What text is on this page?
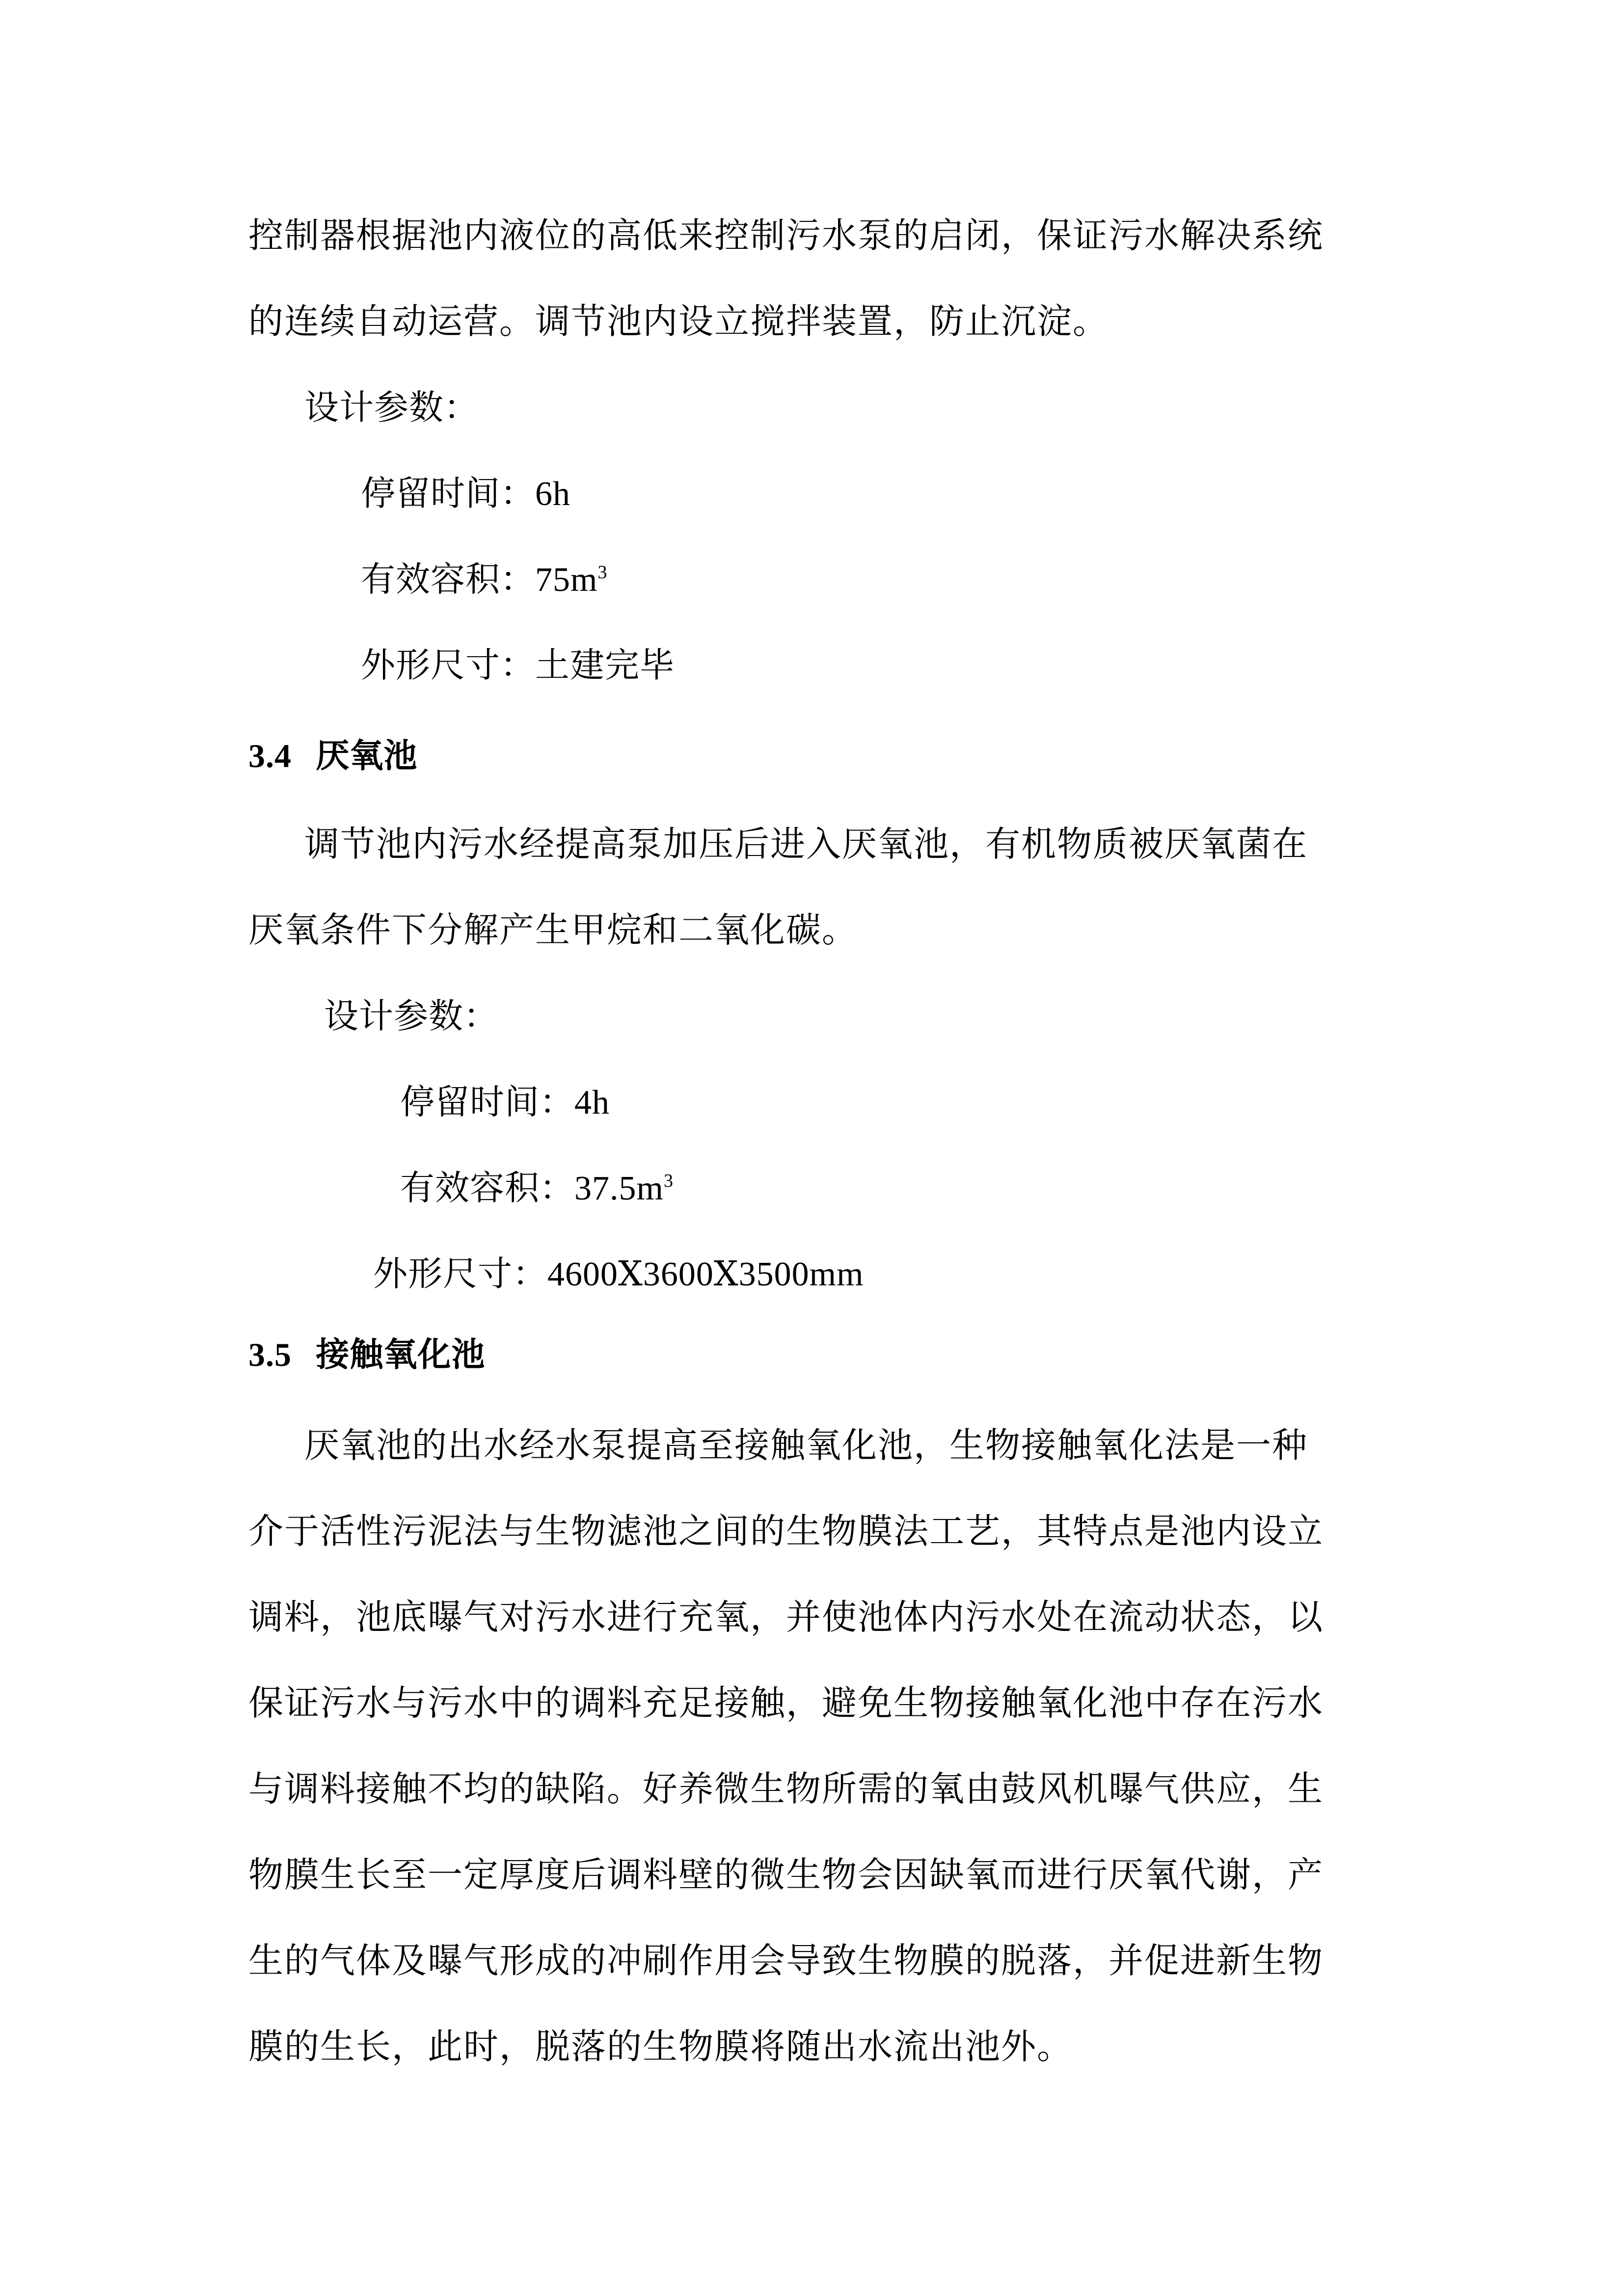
控制器根据池内液位的高低来控制污水泵的启闭，保证污水解决系统
的连续自动运营。调节池内设立搅拌装置，防止沉淀。
设计参数：
停留时间：6h
有效容积：$75m^3$
外形尺寸：土建完毕
3.4 厌氧池
调节池内污水经提高泵加压后进入厌氧池，有机物质被厌氧菌在
厌氧条件下分解产生甲烷和二氧化碳。
设计参数：
停留时间：4h
有效容积：$37.5m^3$
外形尺寸：4600Ⅹ3600Ⅹ3500mm
3.5 接触氧化池
厌氧池的出水经水泵提高至接触氧化池，生物接触氧化法是一种
介于活性污泥法与生物滤池之间的生物膜法工艺，其特点是池内设立
调料，池底曝气对污水进行充氧，并使池体内污水处在流动状态，以
保证污水与污水中的调料充足接触，避免生物接触氧化池中存在污水
与调料接触不均的缺陷。好养微生物所需的氧由鼓风机曝气供应，生
物膜生长至一定厚度后调料壁的微生物会因缺氧而进行厌氧代谢，产
生的气体及曝气形成的冲刷作用会导致生物膜的脱落，并促进新生物
膜的生长，此时，脱落的生物膜将随出水流出池外。
